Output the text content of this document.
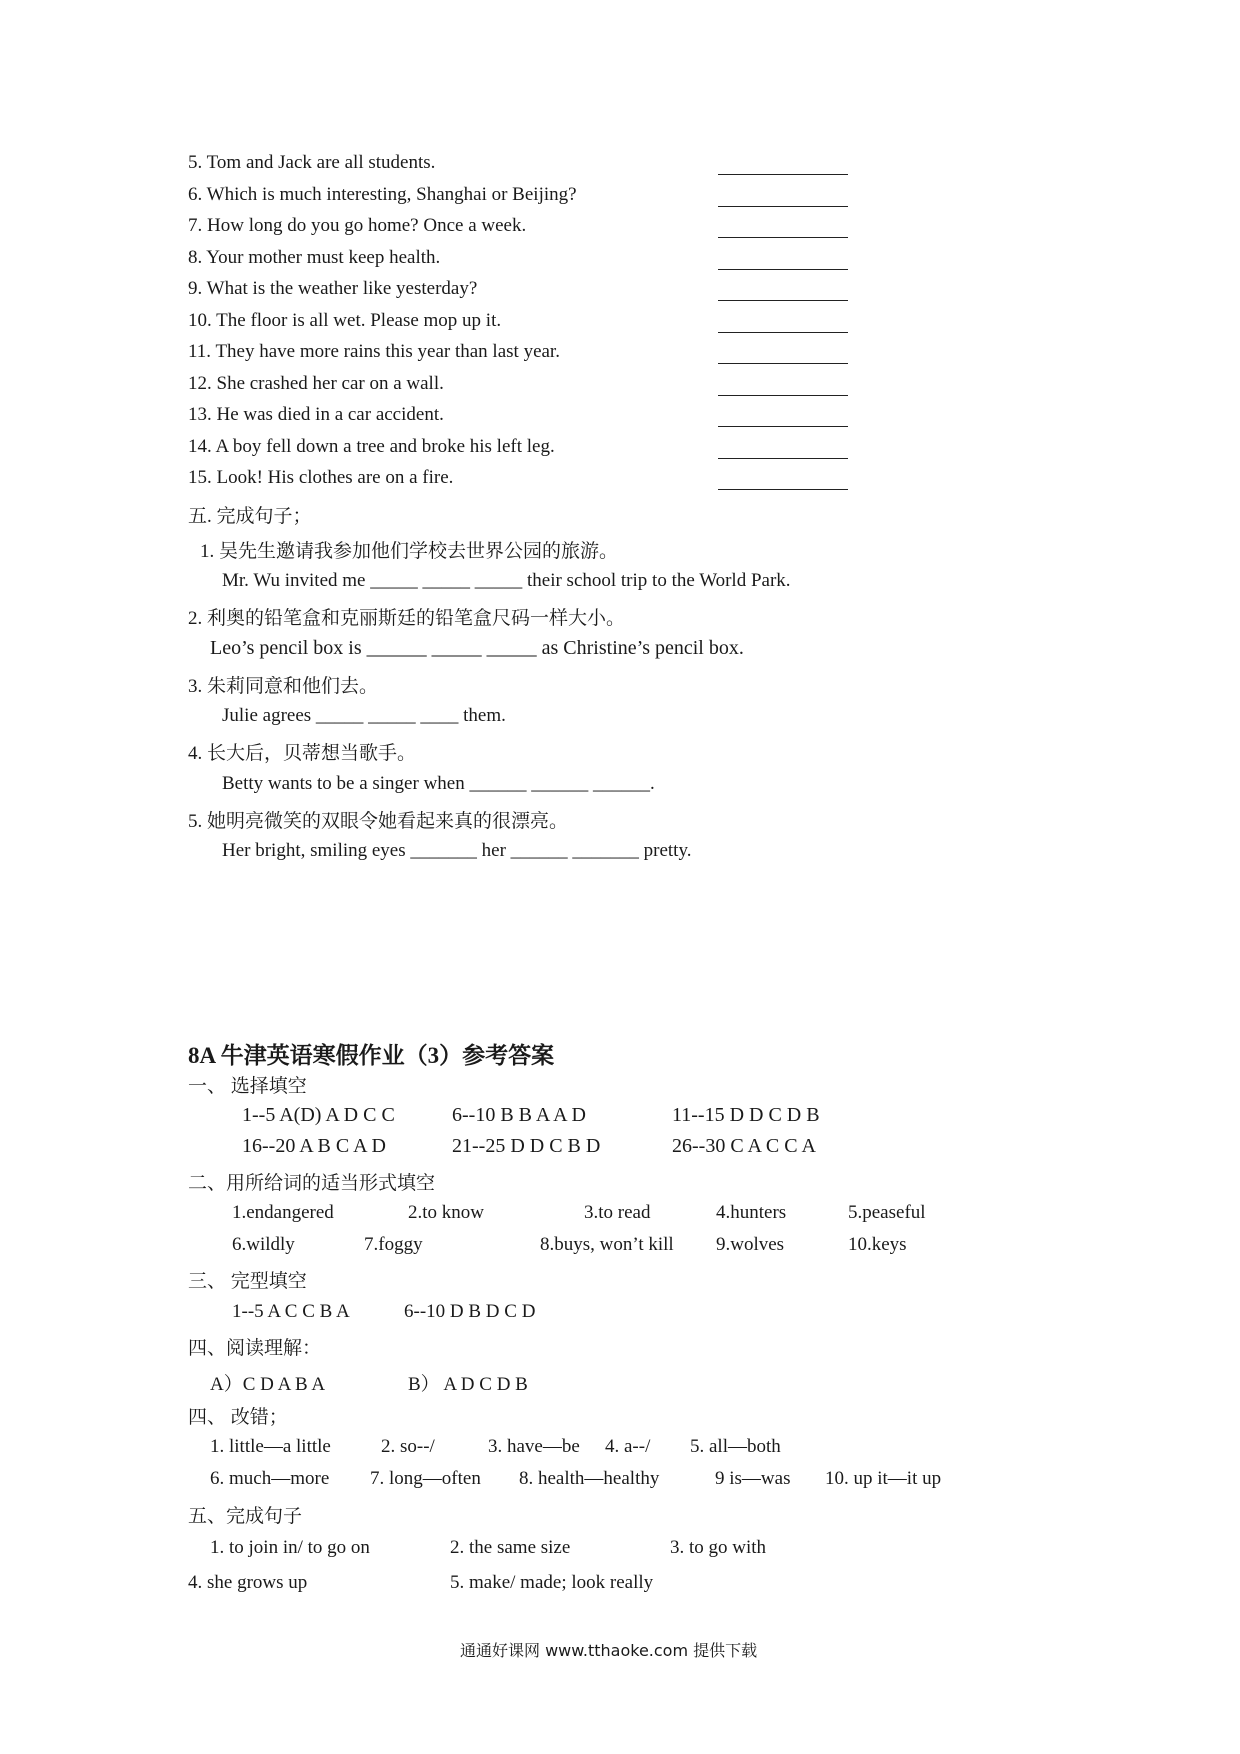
5. Tom and Jack are all students.
6. Which is much interesting, Shanghai or Beijing?
7. How long do you go home? Once a week.
8. Your mother must keep health.
9. What is the weather like yesterday?
10. The floor is all wet. Please mop up it.
11. They have more rains this year than last year.
12. She crashed her car on a wall.
13. He was died in a car accident.
14. A boy fell down a tree and broke his left leg.
15. Look! His clothes are on a fire.
五. 完成句子；
1. 吴先生邀请我参加他们学校去世界公园的旅游。
Mr. Wu invited me _____ _____ _____ their school trip to the World Park.
2. 利奥的铅笔盒和克丽斯廷的铅笔盒尺码一样大小。
Leo’s pencil box is ______ _____ _____ as Christine’s pencil box.
3. 朱莉同意和他们去。
Julie agrees _____ _____ ____ them.
4. 长大后，贝蒂想当歌手。
Betty wants to be a singer when ______ ______ ______.
5. 她明亮微笑的双眼令她看起来真的很漂亮。
Her bright, smiling eyes _______ her ______ _______ pretty.
8A 牛津英语寒假作业（3）参考答案
一、 选择填空
1--5 A(D) A D C C	6--10 B B A A D	11--15 D D C D B
16--20 A B C A D	21--25 D D C B D	26--30 C A C C A
二、用所给词的适当形式填空
1.endangered	2.to know	3.to read	4.hunters	5.peaseful
6.wildly	7.foggy	8.buys, won’t kill 9.wolves	10.keys
三、 完型填空
1--5 A C C B A	6--10 D B D C D
四、阅读理解：
A）C D A B A	B） A D C D B
四、 改错；
1. little—a little	2. so--/	3. have—be 4. a--/ 5. all—both
6. much—more 7. long—often 8. health—healthy	9 is—was 10. up it—it up
五、完成句子
1. to join in/ to go on	2. the same size	3. to go with
4. she grows up	5. make/ made; look really
通通好课网 www.tthaoke.com 提供下载
